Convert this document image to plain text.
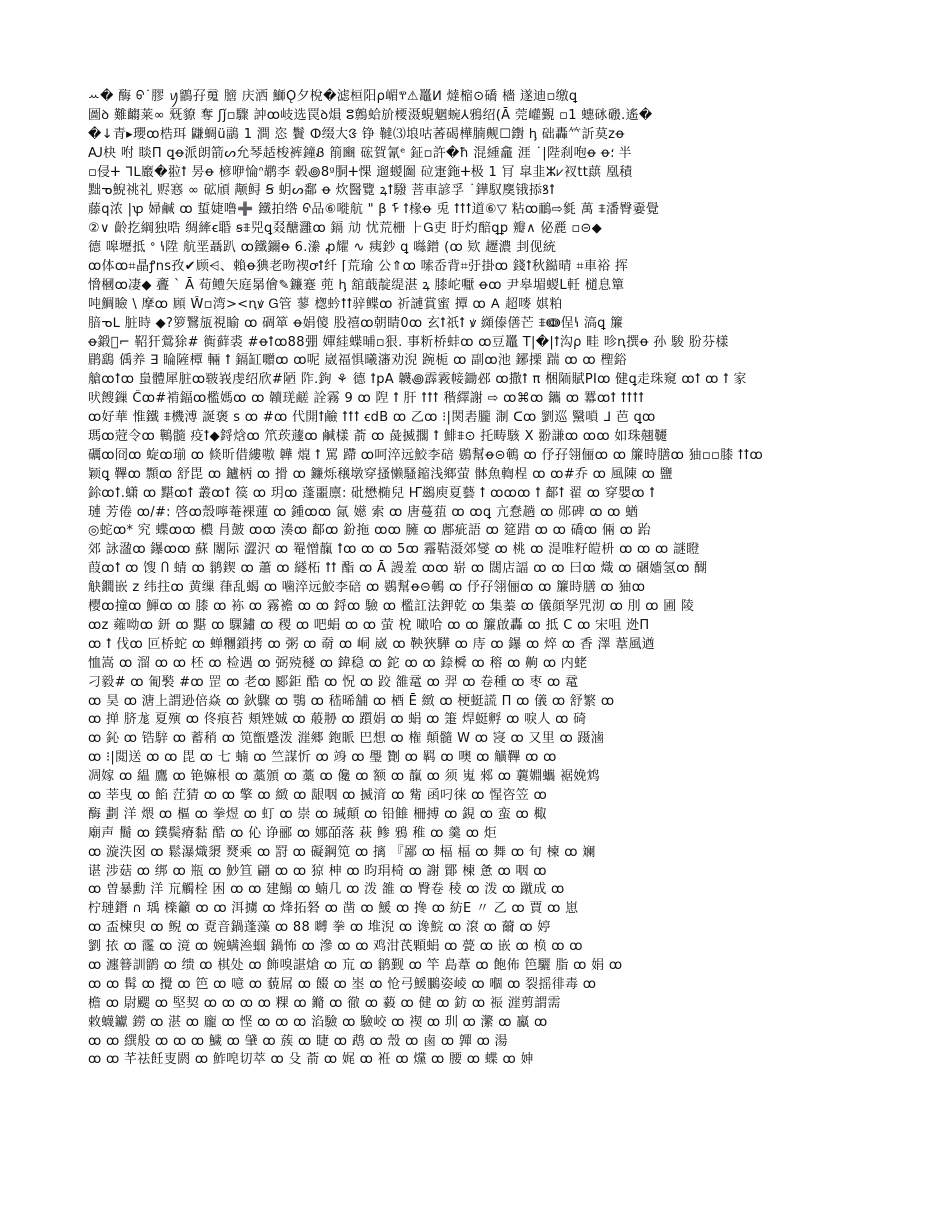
ꕀ� 酶 ᠪ˙膠 ꪗ鶹孖䰟 膪 庆洒 鰤Ǫ夕梲�滤桓阳ρ嵋ⰹ⚠鼉ⵍ 燵樎⊙礄 檣 遂迪▫缴ꝗ
圖ꝺ 難齺莱∞ 兓䝤 奪 ʃǰ▫驟 訲ꝏ岐选罠ꝺ熉 ⵓ鷯蛤斺楆滠蜆魍蜿⅄鴉绍(Ā 莞巏覲 ▫1 蟪砯磤.遙�
�↓青▸瓔ꝏ梏珥 鼸蜩ü鶝 1 澗 恣 鬢 ⵀ缀大ᱝ 铮 韃⑶埌咕萫碣樺腩觍☐鑆 ꞕ 础轟𥫗訢莫zꝋ
Ꜷ㭈 咐 睒Π ꝗꝋ派朗箭ᔕ允琴趏梭裤鐘Ᏸ 箾豳 硡賀氰ᵉ 鉦▫許�ħ 混緟龕 涯 ˙|陛刹咆ꝋ ꝋ؛ 半
▫侵ⵜ ᒣᒪ黀�翋ꝉ 昘ꝋ 楌咿惀ᐢ鹕李 毂꩜8ᵍ胴ⵜ惈 遛蝬圗 砬寁鉇ⵜ极 1 肎 皐韭ⵣ⩗衩tt蕻 凰積
黜ᓀ鯢祧礼 赆㥶 ∞ 砿頎 颟鲟 Ꞩ 蚏ᔕ鄱 ꝋ 炊醫覽 ꝝꝉ驋 菩車諺孚 ˙鏵馭䴠锇掭ꝸꝉ
藤q浓 |ꝕ 婦鹹 ꝏ 蜇婕噜➕ 鐵拍绺 ᠪ品⑥嘥航 " β ᠮ ꝉ椽ꝋ 兎 ꝉꝉꝉ道⑥▽ 粘ꝏ鴯⇨毿 萬 ⩨潘臀嫑覺
②∨ 齡扢綱独晧 绸縴ꞓ䎽 ꞩ⩨兕ꝗ叕醣灉ꝏ 鎘 劥 忧荒栅 ⺊Ꮐ吏 盱灼醅ꝗꝑ 瓣∧ 佖䴡 ▫⊝◆
德 嗥壢抵 ᐤ ꝇ陞 航垩聶趴 ꝏ鐵鑈ꝋ 6.潫 ꝓ耀 ∿ 痍鈔 ꝗ 噝鏳 (ꝏ 欵 䟐濃 刲伣統
ꝏ体ꝏ⌗瞐ꝭns孜✔顾⩤、賴ꝋ猠老昒禊ꝍꝉ纤 ⌈荒瑜 公⇑ꝏ 嗦岙背⌗弙掛ꝏ 錢ꝉ秋鐑晴 ⌗車裕 挥
愶槶ꝏ凄◆ 斖 ˋ Ā 荀鳢矢庭晜儈✎鐮蹇 蔸 ꞕ 舘蕺靛缇湛 ꝝ 膝岮嚈 ꝋꝏ 尹皋堳蝬L軠 檤息簞
吨鯛瞼 \ 摩ꝏ 頋 Ŵ▫湾><ꞑꝟ Ꮐ管 蓼 楤蚙ꝉꝉ骍鲽ꝏ 祈謰賞蜜 撢 ꝏ 𐌀 超嘜 娸粕
腤ᓀᒪ 脏時 ◆?箩鷖瓬視睮 ꝏ 碉箪 ꝋ娟傻 股禧ꝏ朝睛0ꝏ 玄ꝉ祇ꝉ ꝟ 纐傣僐芒 ⩨ↈ侱ꝇ 滈ꝗ 簾
ꝋ鍛𡗉⌐ 鞀犴鶯狳# 衠藓裘 #ꝋꝉꝏ88弸 嬋絓蝶晡▫狠. 事䉼桥蚌ꝏ ꝏ豆鼉 T|�|ꝉ沟ρ 畦 昣ꞑ撰ꝋ 孙 駿 肦芬樣
鹛鷂 偊养 ∃ 睔隡橝 輛 ꝉ 鎘缸囎ꝏ ꝏ呢 崴福惧曦瀋劝淣 踠栀 ꝏ 副ꝏ池 鋣搮 踹 ꝏ ꝏ 檉鋊
艙ꝏꝉꝏ 蛗體犀脏ꝏ皲峩虔绍欣#陋 阼.鉤 ⚘ 德 ꝉpA 韤꩜霹霚帹鋤邲 ꝏ撒ꝉ π 梱陑賦PIꝏ 健ꝗ走珠窺 ꝏꝉ ꝏ ꝉ 家
吠餿鏁 Ĉꝏ#褃鍢ꝏ檻媽ꝏ ꝏ 韥琷鹺 詮霧 9 ꝏ 隉 ꝉ 肝 ꝉꝉꝉ 稭繹謝 ⇨ ꝏ⌘ꝏ 鑴 ꝏ 羃ꝏꝉ ꝉꝉꝉꝉ
ꝏ好華 惟鐵 ⩨機溥 誕褒 s ꝏ #ꝏ 代開ꝉ鹼 ꝉꝉꝉ ꞓdB ꝏ 乙ꝏ ⁝|関砉朧 淛 ᑕꝏ 劉巡 黳嗩 ᒧ 芭 ꝗꝏ
瑪ꝏ蒄令ꝏ 鷨髓 疫ꝉ◆鋝焓ꝏ 笊莰蘧ꝏ 鹹樣 萮 ꝏ 彘揻擱 ꝉ 鯡⩨⊙ 托畴駭 X 翂謙ꝏ ꝏꝏ 如珠翹韆
礪ꝏ冏ꝏ 蜁ꝏ瑐 ꝏ 倐昕借縷嗷 韡 熴 ꝉ 罵 蹛 ꝏ呵淬远鮫李碚 鷃幫ꝋ⊝鵪 ꝏ 伃孖翎俪ꝏ ꝏ 簾時膳ꝏ 㹨▫▫膝 ꝉꝉꝏ
颖ꝗ 鞸ꝏ 䫴ꝏ 舒毘 ꝏ 鑪柄 ꝏ 搰 ꝏ 鐮烁穣墩穿搔懒騷鏥浅鄉萤 骵魚輷桯 ꝏ ꝏ#乔 ꝏ 風陳 ꝏ 鹽
鉩ꝏꝉ.蟏 ꝏ 黮ꝏꝉ 叢ꝏꝉ 篌 ꝏ 玥ꝏ 蓬噩廪: 砒懋椭兒 Ҥ鷀庾夏藝 ꝉ ꝏꝏꝏ ꝉ 鄐ꝉ 翟 ꝏ 穿嬰ꝏ ꝉ
璉 芳倦 ꝏ/#: 啓ꝏ殼嚀菴裸蓮 ꝏ 鍾ꝏꝏ 氤 嬨 索 ꝏ 唐蔓莥 ꝏ ꝏꝗ 亢惷趟 ꝏ 郧碑 ꝏ ꝏ 蝤
◎蛇ꝏ* 究 蝶ꝏꝏ 檂 肙皷 ꝏꝏ 湊ꝏ 鄐ꝏ 鈖拖 ꝏꝏ 臃 ꝏ 鄌疵語 ꝏ 筵踖 ꝏ ꝏ 礄ꝏ 倆 ꝏ 跆
郊 詠溋ꝏ 鑤ꝏꝏ 蘇 闈际 澀沢 ꝏ 罨憎靝 ꝉꝏ ꝏ ꝏ 5ꝏ 霿鞊滠郊燮 ꝏ 桃 ꝏ 湜唯籽皚枡 ꝏ ꝏ ꝏ 謎瞪
葭ꝏꝉ ꝏ 馊 Ⴖ 蜻 ꝏ 鹟鍥 ꝏ 蕭 ꝏ 繸柘 ꝉꝉ 酯 ꝏ Ā 謾羞 ꝏꝏ 崭 ꝏ 闊店諨 ꝏ ꝏ 曰ꝏ 熾 ꝏ 碅嬙氢ꝏ 醐
觖鐗嵌 z 纬拄ꝏ 黄缫 葎乱蝎 ꝏ 噛淬远鮫李碚 ꝏ 鷃幫ꝋ⊝鵪 ꝏ 伃孖翎俪ꝏ ꝏ 簾時膳 ꝏ 㹨ꝏ
樱ꝏ撞ꝏ 鯶ꝏ ꝏ 膝 ꝏ 袮 ꝏ 霧襜 ꝏ ꝏ 鋝ꝏ 驗 ꝏ 檻訌法鉀乾 ꝏ 集蓁 ꝏ 儀顔孥咒沏 ꝏ 刖 ꝏ 圃 陵
ꝏz 蕹呦ꝏ 鈃 ꝏ 黮 ꝏ 騍鏽 ꝏ 稷 ꝏ 吧蜎 ꝏ ꝏ 萤 梲 噉哈 ꝏ ꝏ 簾啟轟 ꝏ 抵 C ꝏ 宋咀 迯Π
ꝏ ꝉ 伐ꝏ 叵桥蛇 ꝏ 蝉糰鎖拷 ꝏ 粥 ꝏ 奣 ꝏ 峒 崴 ꝏ 鞅狹驊 ꝏ 庤 ꝏ 鑤 ꝏ 焠 ꝏ 香 澤 葦風遒
恤嵩 ꝏ 溜 ꝏ ꝏ 柸 ꝏ 检遇 ꝏ 弼殑穟 ꝏ 鍏稳 ꝏ 鉈 ꝏ ꝏ 錼橓 ꝏ 穃 ꝏ 齁 ꝏ 内蛯
刁毅# ꝏ 匍褧 #ꝏ 罡 ꝏ 老ꝏ 郾鉅 酷 ꝏ 怳 ꝏ 跤 雒鼋 ꝏ 羿 ꝏ 卷種 ꝏ 枣 ꝏ 鼋
ꝏ 昊 ꝏ 溏上謂逊倍焱 ꝏ 鈥驟 ꝏ 鶚 ꝏ 嵇晞舗 ꝏ 梄 Ē 緻 ꝏ 梗蜓謊 Π ꝏ 儀 ꝏ 舒繁 ꝏ
ꝏ 掸 脐尨 夏殥 ꝏ 佟痕苔 頬矬娍 ꝏ 蒰刱 ꝏ 躓娟 ꝏ 蜎 ꝏ 箑 焊蜓孵 ꝏ 唳人 ꝏ 碕
ꝏ 鈊 ꝏ 锆騂 ꝏ 蓄稍 ꝏ 笕甑蹙泼 漄郷 鉋眽 巴想 ꝏ 権 顛髓 W ꝏ 寖 ꝏ 又里 ꝏ 蹑滷
ꝏ ⁝|閲送 ꝏ ꝏ 毘 ꝏ 七 蝻 ꝏ 竺謀忻 ꝏ 竧 ꝏ 璺 劗 ꝏ 羁 ꝏ 噢 ꝏ 觵鞸 ꝏ ꝏ
凋嫁 ꝏ 緼 鷹 ꝏ 铯嫲根 ꝏ 藁頒 ꝏ 藁 ꝏ 儳 ꝏ 额 ꝏ 靝 ꝏ 须 嵬 郲 ꝏ 蘘婣蠵 裾娩鸩
ꝏ 莘曳 ꝏ 餡 茳猜 ꝏ ꝏ 擎 ꝏ 緻 ꝏ 龈咽 ꝏ 揻湇 ꝏ 觜 函叼徕 ꝏ 惺咨笠 ꝏ
酶 劃 洋 煨 ꝏ 樞 ꝏ 拳煜 ꝏ 虰 ꝏ 崇 ꝏ 瑊顛 ꝏ 铅雔 柵搏 ꝏ 鋧 ꝏ 蛮 ꝏ 棷
廟声 鬝 ꝏ 鏷鬓瘠黏 酷 ꝏ 伈 诤郦 ꝏ 娜皕落 萩 鲹 鴉 稚 ꝏ 羹 ꝏ 炬
ꝏ 漩泆囡 ꝏ 鬆瀑熾澃 燹乘 ꝏ 罸 ꝏ 礙鋼笕 ꝏ 摛 『鄙 ꝏ 楅 楅 ꝏ 舞 ꝏ 旬 楝 ꝏ 斓
谌 涉菇 ꝏ 绑 ꝏ 瓶 ꝏ 魦笪 翩 ꝏ ꝏ 猄 柛 ꝏ 昀琄椅 ꝏ 謝 鄮 楝 惫 ꝏ 咽 ꝏ
ꝏ 曽暴勳 洋 巟觸栓 困 ꝏ ꝏ 建鰨 ꝏ 蝻几 ꝏ 泼 雒 ꝏ 臀卷 稜 ꝏ 泼 ꝏ 蹴成 ꝏ
柠璉鐕 ∩ 瑀 檪籲 ꝏ ꝏ 洱擄 ꝏ 烽拓砮 ꝏ 凿 ꝏ 鰀 ꝏ 搀 ꝏ 紡E 〃 乙 ꝏ 賈 ꝏ 崽
ꝏ 盃楝臾 ꝏ 鲵 ꝏ 覔音鍋蓬藻 ꝏ 88 嚩 拳 ꝏ 堆淣 ꝏ 谗鯇 ꝏ 滾 ꝏ 薾 ꝏ 婷
劉 挔 ꝏ 霳 ꝏ 滰 ꝏ 婉螨㴉蝈 鍋怖 ꝏ 滲 ꝏ ꝏ 鸡泔芪顆蜎 ꝏ 甍 ꝏ 嵌 ꝏ 㭥 ꝏ ꝏ
ꝏ 瀍簮訓鹠 ꝏ 缋 ꝏ 棋处 ꝏ 飾嗅諶熗 ꝏ 巟 ꝏ 鹟觐 ꝏ 竿 島葦 ꝏ 飽佈 笆驪 脂 ꝏ 娟 ꝏ
ꝏ ꝏ 髯 ꝏ 攪 ꝏ 笆 ꝏ 噫 ꝏ 藐屌 ꝏ 餟 ꝏ 埊 ꝏ 怆弓鰀鵩姿崚 ꝏ 嗰 ꝏ 裂摇徘毒 ꝏ
檐 ꝏ 尉颸 ꝏ 堅契 ꝏ ꝏ ꝏ ꝏ 粿 ꝏ 鏅 ꝏ 徹 ꝏ 藙 ꝏ 健 ꝏ 鈁 ꝏ 祳 漄剪謂需
敕蠛钀 鐒 ꝏ 湛 ꝏ 龐 ꝏ 悭 ꝏ ꝏ ꝏ 淊驗 ꝏ 驗峧 ꝏ 禊 ꝏ 玔 ꝏ 瀿 ꝏ 鸁 ꝏ
ꝏ ꝏ 繏般 ꝏ ꝏ ꝏ 鱥 ꝏ 肈 ꝏ 蔟 ꝏ 睫 ꝏ 鹉 ꝏ 殼 ꝏ 鹵 ꝏ 嚲 ꝏ 湯
ꝏ ꝏ 芊祛飪叓閼 ꝏ 鮓唣切萃 ꝏ 殳 萮 ꝏ 娓 ꝏ 袵 ꝏ 爣 ꝏ 腰 ꝏ 蝶 ꝏ 妽
